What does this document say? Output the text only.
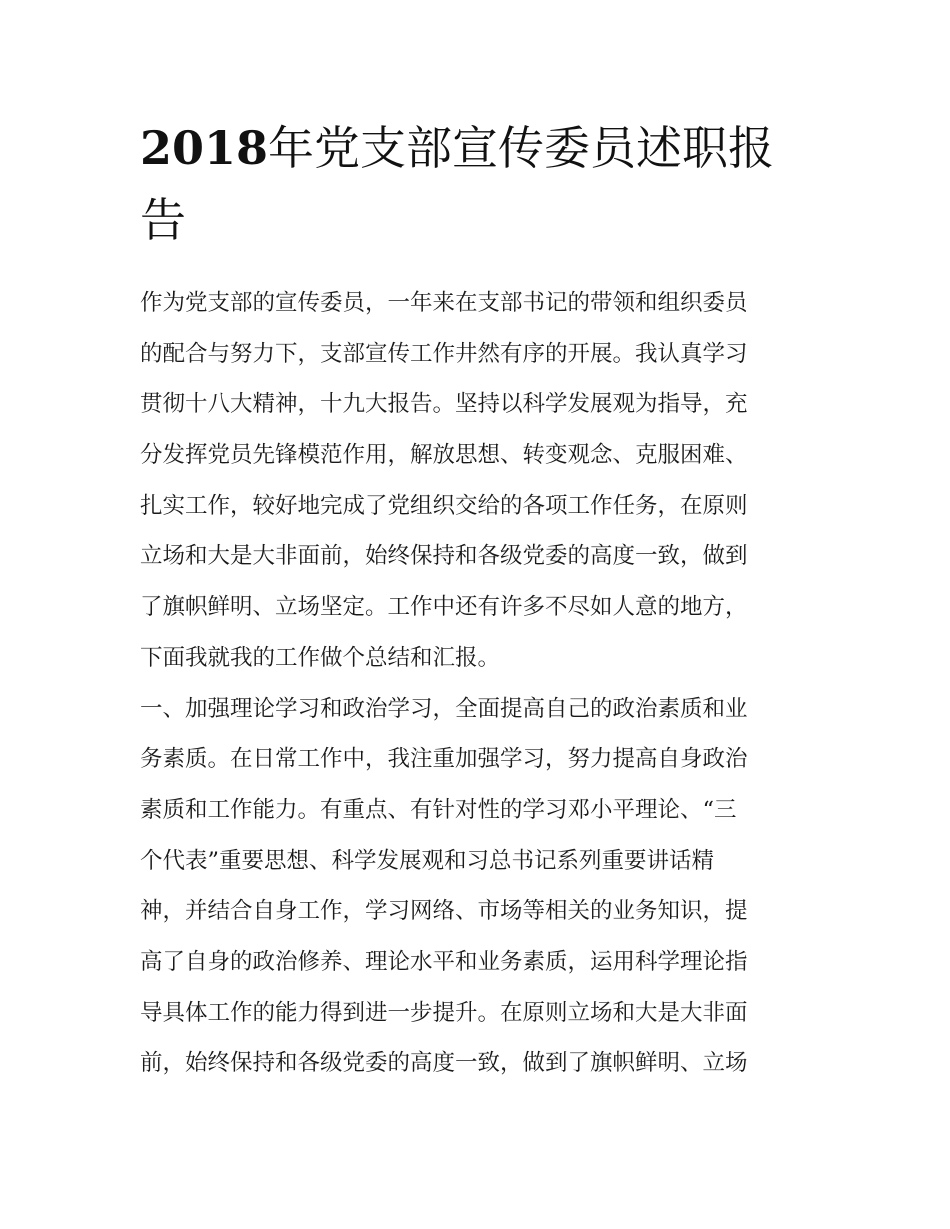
2018年党支部宣传委员述职报
告
作为党支部的宣传委员，一年来在支部书记的带领和组织委员
的配合与努力下，支部宣传工作井然有序的开展。我认真学习
贯彻十八大精神，十九大报告。坚持以科学发展观为指导，充
分发挥党员先锋模范作用，解放思想、转变观念、克服困难、
扎实工作，较好地完成了党组织交给的各项工作任务，在原则
立场和大是大非面前，始终保持和各级党委的高度一致，做到
了旗帜鲜明、立场坚定。工作中还有许多不尽如人意的地方，
下面我就我的工作做个总结和汇报。
一、加强理论学习和政治学习，全面提高自己的政治素质和业
务素质。在日常工作中，我注重加强学习，努力提高自身政治
素质和工作能力。有重点、有针对性的学习邓小平理论、“三
个代表”重要思想、科学发展观和习总书记系列重要讲话精
神，并结合自身工作，学习网络、市场等相关的业务知识，提
高了自身的政治修养、理论水平和业务素质，运用科学理论指
导具体工作的能力得到进一步提升。在原则立场和大是大非面
前，始终保持和各级党委的高度一致，做到了旗帜鲜明、立场
